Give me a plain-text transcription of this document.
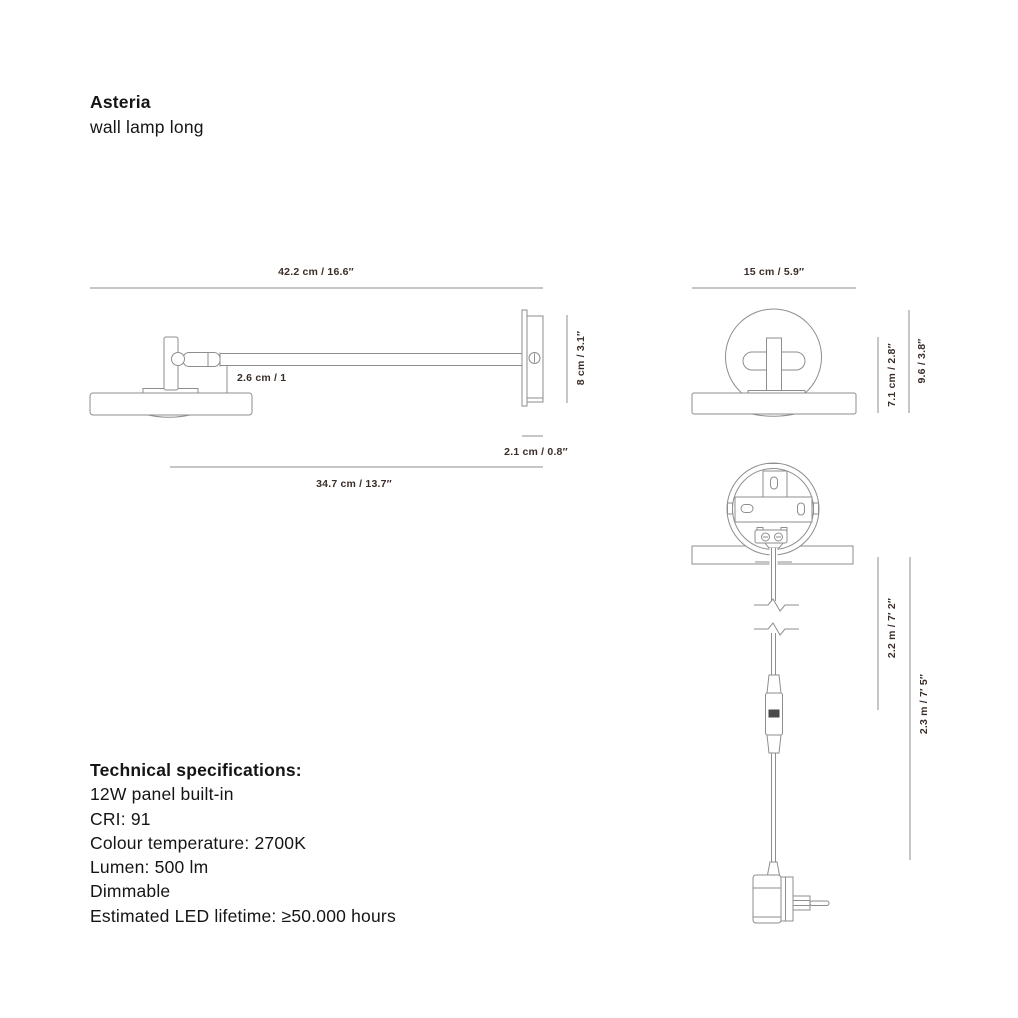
Asteria
wall lamp long
42.2 cm / 16.6″
2.6 cm / 1	8 cm / 3.1″
2.1 cm / 0.8″
34.7 cm / 13.7″
15 cm / 5.9″
7.1 cm / 2.8″ 9.6 / 3.8″
2.2 m / 7′ 2″
2.3 m / 7′ 5″
Technical specifications:
12W panel built-in
CRI: 91
Colour temperature: 2700K
Lumen: 500 lm
Dimmable
Estimated LED lifetime: ≥50.000 hours
